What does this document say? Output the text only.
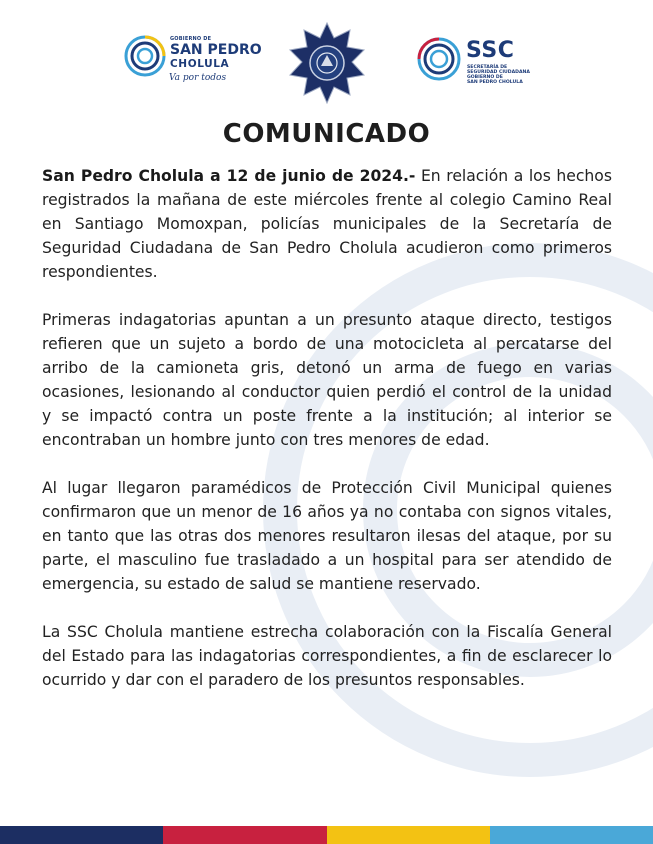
GOBIERNO DE
SAN PEDRO
CHOLULA
Va por todos
SSC
SECRETARÍA DE
SEGURIDAD CIUDADANA
GOBIERNO DE
SAN PEDRO CHOLULA
COMUNICADO

San Pedro Cholula a 12 de junio de 2024.- En relación a los hechos registrados la mañana de este miércoles frente al colegio Camino Real en Santiago Momoxpan, policías municipales de la Secretaría de Seguridad Ciudadana de San Pedro Cholula acudieron como primeros respondientes.

Primeras indagatorias apuntan a un presunto ataque directo, testigos refieren que un sujeto a bordo de una motocicleta al percatarse del arribo de la camioneta gris, detonó un arma de fuego en varias ocasiones, lesionando al conductor quien perdió el control de la unidad y se impactó contra un poste frente a la institución; al interior se encontraban un hombre junto con tres menores de edad.

Al lugar llegaron paramédicos de Protección Civil Municipal quienes confirmaron que un menor de 16 años ya no contaba con signos vitales, en tanto que las otras dos menores resultaron ilesas del ataque, por su parte, el masculino fue trasladado a un hospital para ser atendido de emergencia, su estado de salud se mantiene reservado.

La SSC Cholula mantiene estrecha colaboración con la Fiscalía General del Estado para las indagatorias correspondientes, a fin de esclarecer lo ocurrido y dar con el paradero de los presuntos responsables.
